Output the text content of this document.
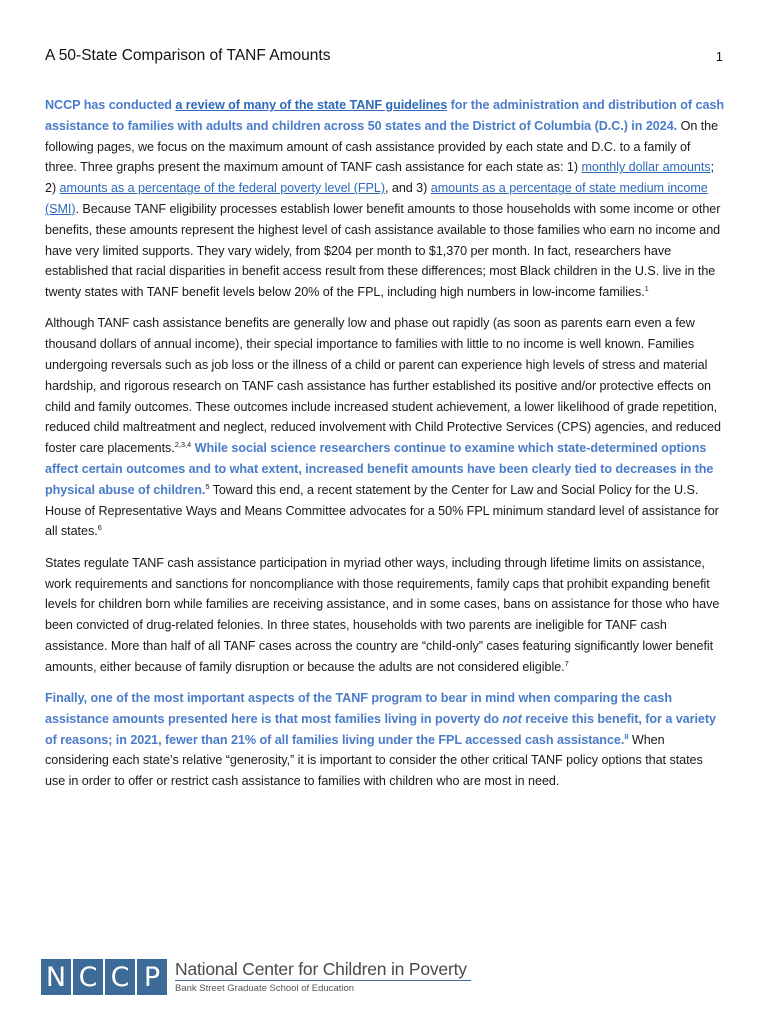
A 50-State Comparison of TANF Amounts	1

NCCP has conducted a review of many of the state TANF guidelines for the administration and distribution of cash assistance to families with adults and children across 50 states and the District of Columbia (D.C.) in 2024. On the following pages, we focus on the maximum amount of cash assistance provided by each state and D.C. to a family of three. Three graphs present the maximum amount of TANF cash assistance for each state as: 1) monthly dollar amounts; 2) amounts as a percentage of the federal poverty level (FPL), and 3) amounts as a percentage of state medium income (SMI). Because TANF eligibility processes establish lower benefit amounts to those households with some income or other benefits, these amounts represent the highest level of cash assistance available to those families who earn no income and have very limited supports. They vary widely, from $204 per month to $1,370 per month. In fact, researchers have established that racial disparities in benefit access result from these differences; most Black children in the U.S. live in the twenty states with TANF benefit levels below 20% of the FPL, including high numbers in low-income families.$^1$

Although TANF cash assistance benefits are generally low and phase out rapidly (as soon as parents earn even a few thousand dollars of annual income), their special importance to families with little to no income is well known. Families undergoing reversals such as job loss or the illness of a child or parent can experience high levels of stress and material hardship, and rigorous research on TANF cash assistance has further established its positive and/or protective effects on child and family outcomes. These outcomes include increased student achievement, a lower likelihood of grade repetition, reduced child maltreatment and neglect, reduced involvement with Child Protective Services (CPS) agencies, and reduced foster care placements.$^{2,3,4}$ While social science researchers continue to examine which state-determined options affect certain outcomes and to what extent, increased benefit amounts have been clearly tied to decreases in the physical abuse of children.$^5$ Toward this end, a recent statement by the Center for Law and Social Policy for the U.S. House of Representative Ways and Means Committee advocates for a 50% FPL minimum standard level of assistance for all states.$^6$

States regulate TANF cash assistance participation in myriad other ways, including through lifetime limits on assistance, work requirements and sanctions for noncompliance with those requirements, family caps that prohibit expanding benefit levels for children born while families are receiving assistance, and in some cases, bans on assistance for those who have been convicted of drug-related felonies. In three states, households with two parents are ineligible for TANF cash assistance. More than half of all TANF cases across the country are “child-only” cases featuring significantly lower benefit amounts, either because of family disruption or because the adults are not considered eligible.$^7$

Finally, one of the most important aspects of the TANF program to bear in mind when comparing the cash assistance amounts presented here is that most families living in poverty do not receive this benefit, for a variety of reasons; in 2021, fewer than 21% of all families living under the FPL accessed cash assistance.$^8$ When considering each state’s relative “generosity,” it is important to consider the other critical TANF policy options that states use in order to offer or restrict cash assistance to families with children who are most in need.

N C C P National Center for Children in Poverty
Bank Street Graduate School of Education
